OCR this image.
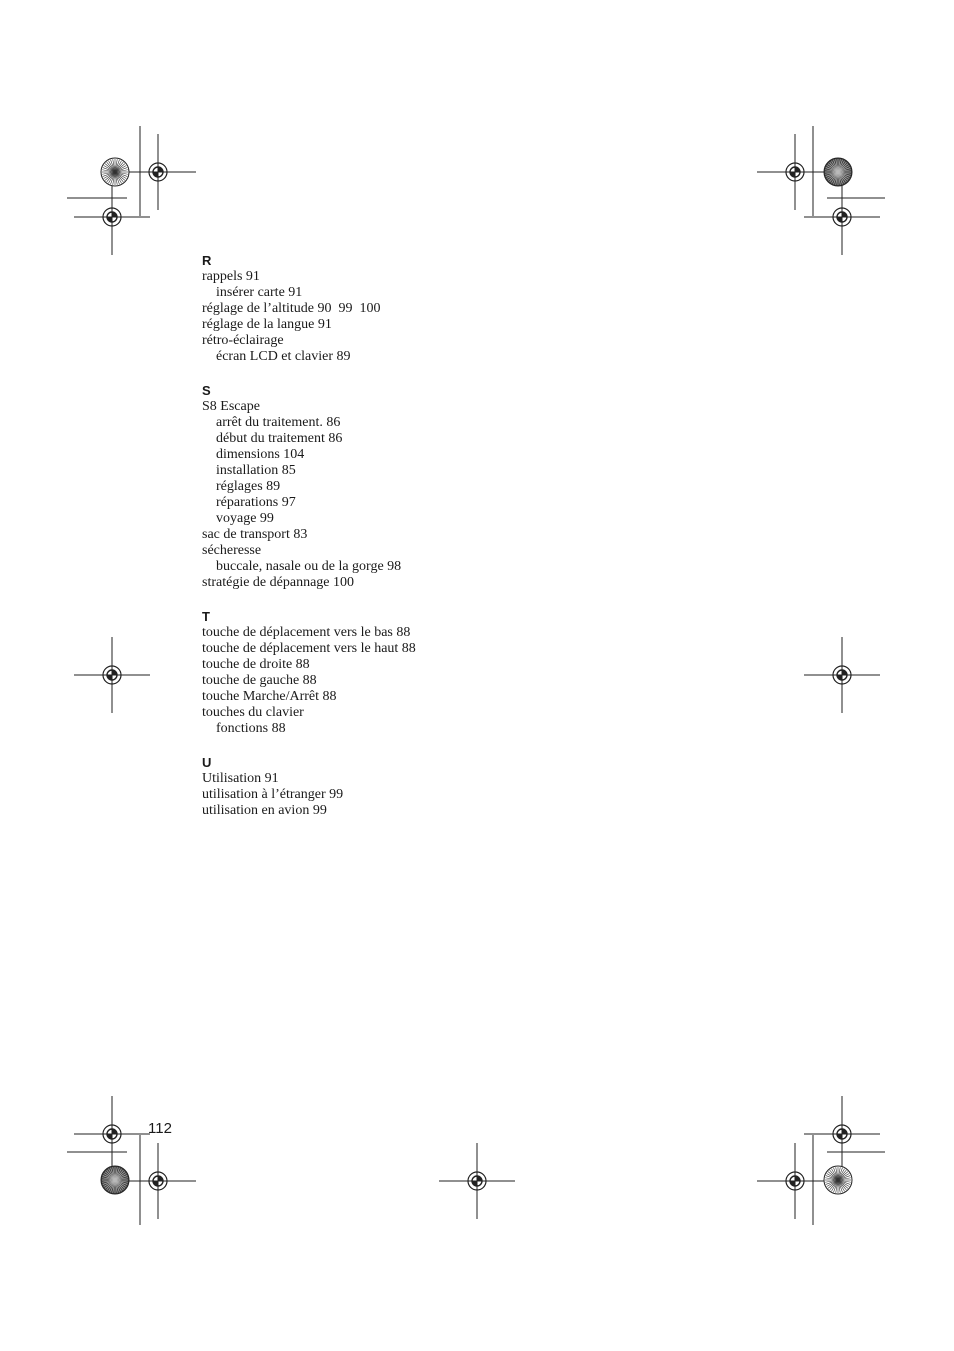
R
rappels 91
insérer carte 91
réglage de l’altitude 90  99  100
réglage de la langue 91
rétro-éclairage
écran LCD et clavier 89
S
S8 Escape
arrêt du traitement. 86
début du traitement 86
dimensions 104
installation 85
réglages 89
réparations 97
voyage 99
sac de transport 83
sécheresse
buccale, nasale ou de la gorge 98
stratégie de dépannage 100
T
touche de déplacement vers le bas 88
touche de déplacement vers le haut 88
touche de droite 88
touche de gauche 88
touche Marche/Arrêt 88
touches du clavier
fonctions 88
U
Utilisation 91
utilisation à l’étranger 99
utilisation en avion 99
112
